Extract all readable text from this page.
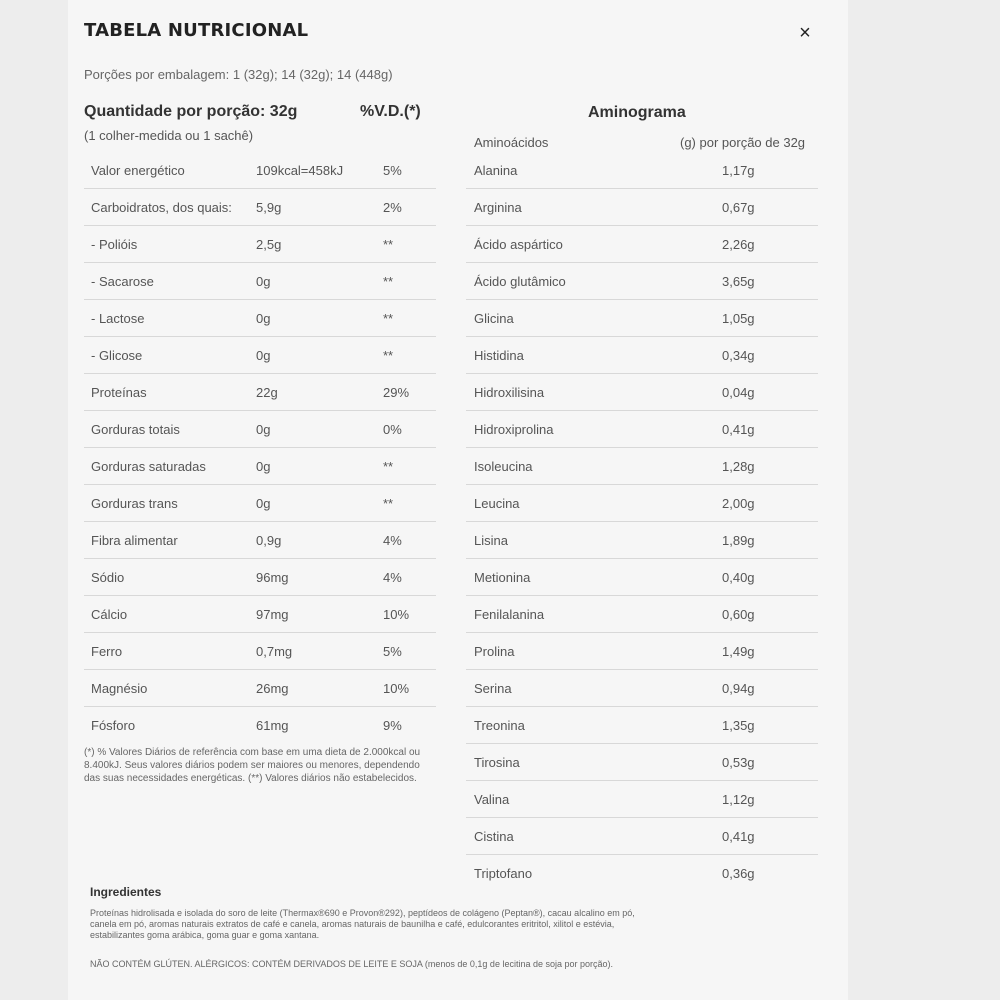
TABELA NUTRICIONAL	×
Porções por embalagem: 1 (32g); 14 (32g); 14 (448g)
Quantidade por porção: 32g	%V.D.(*)
(1 colher-medida ou 1 sachê)
Aminograma
Aminoácidos	(g) por porção de 32g
Valor energético	109kcal=458kJ	5%
Carboidratos, dos quais: 5,9g	2%
- Polióis	2,5g	**
- Sacarose	0g	**
- Lactose	0g	**
- Glicose	0g	**
Proteínas	22g	29%
Gorduras totais	0g	0%
Gorduras saturadas	0g	**
Gorduras trans	0g	**
Fibra alimentar	0,9g	4%
Sódio	96mg	4%
Cálcio	97mg	10%
Ferro	0,7mg	5%
Magnésio	26mg	10%
Fósforo	61mg	9%
Alanina	1,17g
Arginina	0,67g
Ácido aspártico	2,26g
Ácido glutâmico	3,65g
Glicina	1,05g
Histidina	0,34g
Hidroxilisina	0,04g
Hidroxiprolina	0,41g
Isoleucina	1,28g
Leucina	2,00g
Lisina	1,89g
Metionina	0,40g
Fenilalanina	0,60g
Prolina	1,49g
Serina	0,94g
Treonina	1,35g
Tirosina	0,53g
Valina	1,12g
Cistina	0,41g
Triptofano	0,36g
(*) % Valores Diários de referência com base em uma dieta de 2.000kcal ou 8.400kJ. Seus valores diários podem ser maiores ou menores, dependendo das suas necessidades energéticas. (**) Valores diários não estabelecidos.
Ingredientes
Proteínas hidrolisada e isolada do soro de leite (Thermax®690 e Provon®292), peptídeos de colágeno (Peptan®), cacau alcalino em pó, canela em pó, aromas naturais extratos de café e canela, aromas naturais de baunilha e café, edulcorantes eritritol, xilitol e estévia, estabilizantes goma arábica, goma guar e goma xantana.
NÃO CONTÉM GLÚTEN. ALÉRGICOS: CONTÉM DERIVADOS DE LEITE E SOJA (menos de 0,1g de lecitina de soja por porção).
